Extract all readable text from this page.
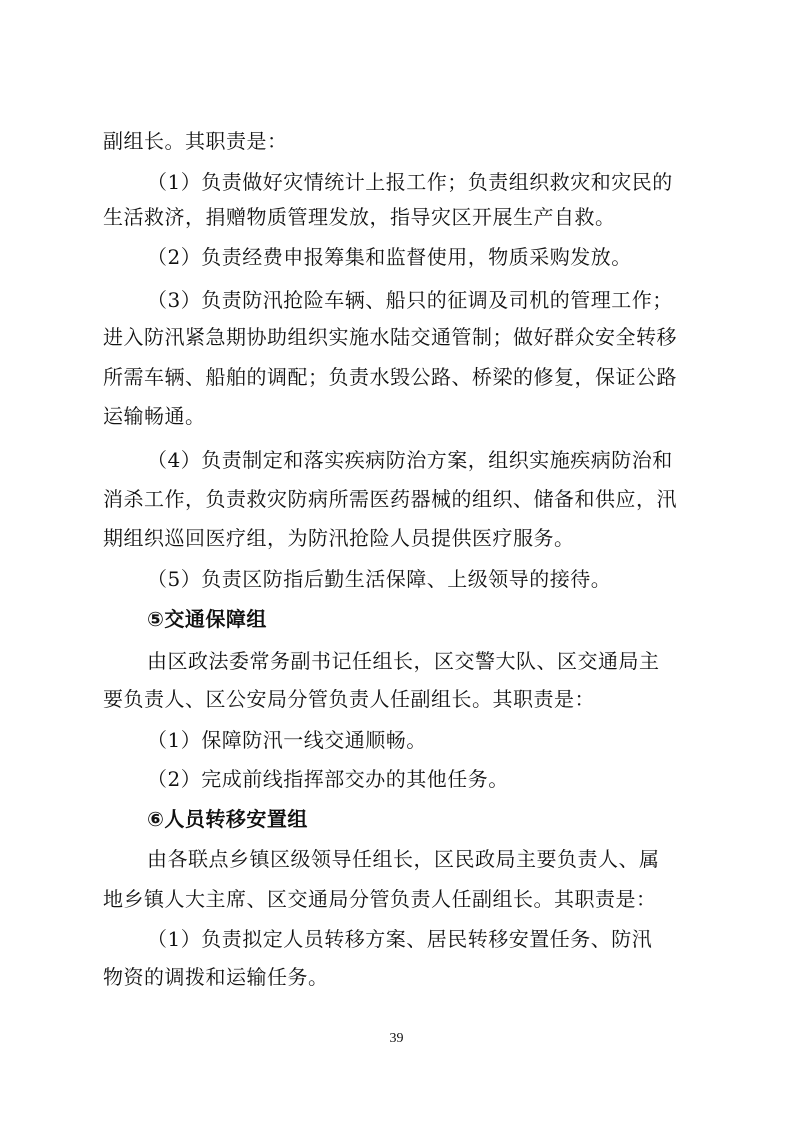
副组长。其职责是：
（1）负责做好灾情统计上报工作；负责组织救灾和灾民的
生活救济，捐赠物质管理发放，指导灾区开展生产自救。
（2）负责经费申报筹集和监督使用，物质采购发放。
（3）负责防汛抢险车辆、船只的征调及司机的管理工作；
进入防汛紧急期协助组织实施水陆交通管制；做好群众安全转移
所需车辆、船舶的调配；负责水毁公路、桥梁的修复，保证公路
运输畅通。
（4）负责制定和落实疾病防治方案，组织实施疾病防治和
消杀工作，负责救灾防病所需医药器械的组织、储备和供应，汛
期组织巡回医疗组，为防汛抢险人员提供医疗服务。
（5）负责区防指后勤生活保障、上级领导的接待。
⑤交通保障组
由区政法委常务副书记任组长，区交警大队、区交通局主
要负责人、区公安局分管负责人任副组长。其职责是：
（1）保障防汛一线交通顺畅。
（2）完成前线指挥部交办的其他任务。
⑥人员转移安置组
由各联点乡镇区级领导任组长，区民政局主要负责人、属
地乡镇人大主席、区交通局分管负责人任副组长。其职责是：
（1）负责拟定人员转移方案、居民转移安置任务、防汛
物资的调拨和运输任务。
39
